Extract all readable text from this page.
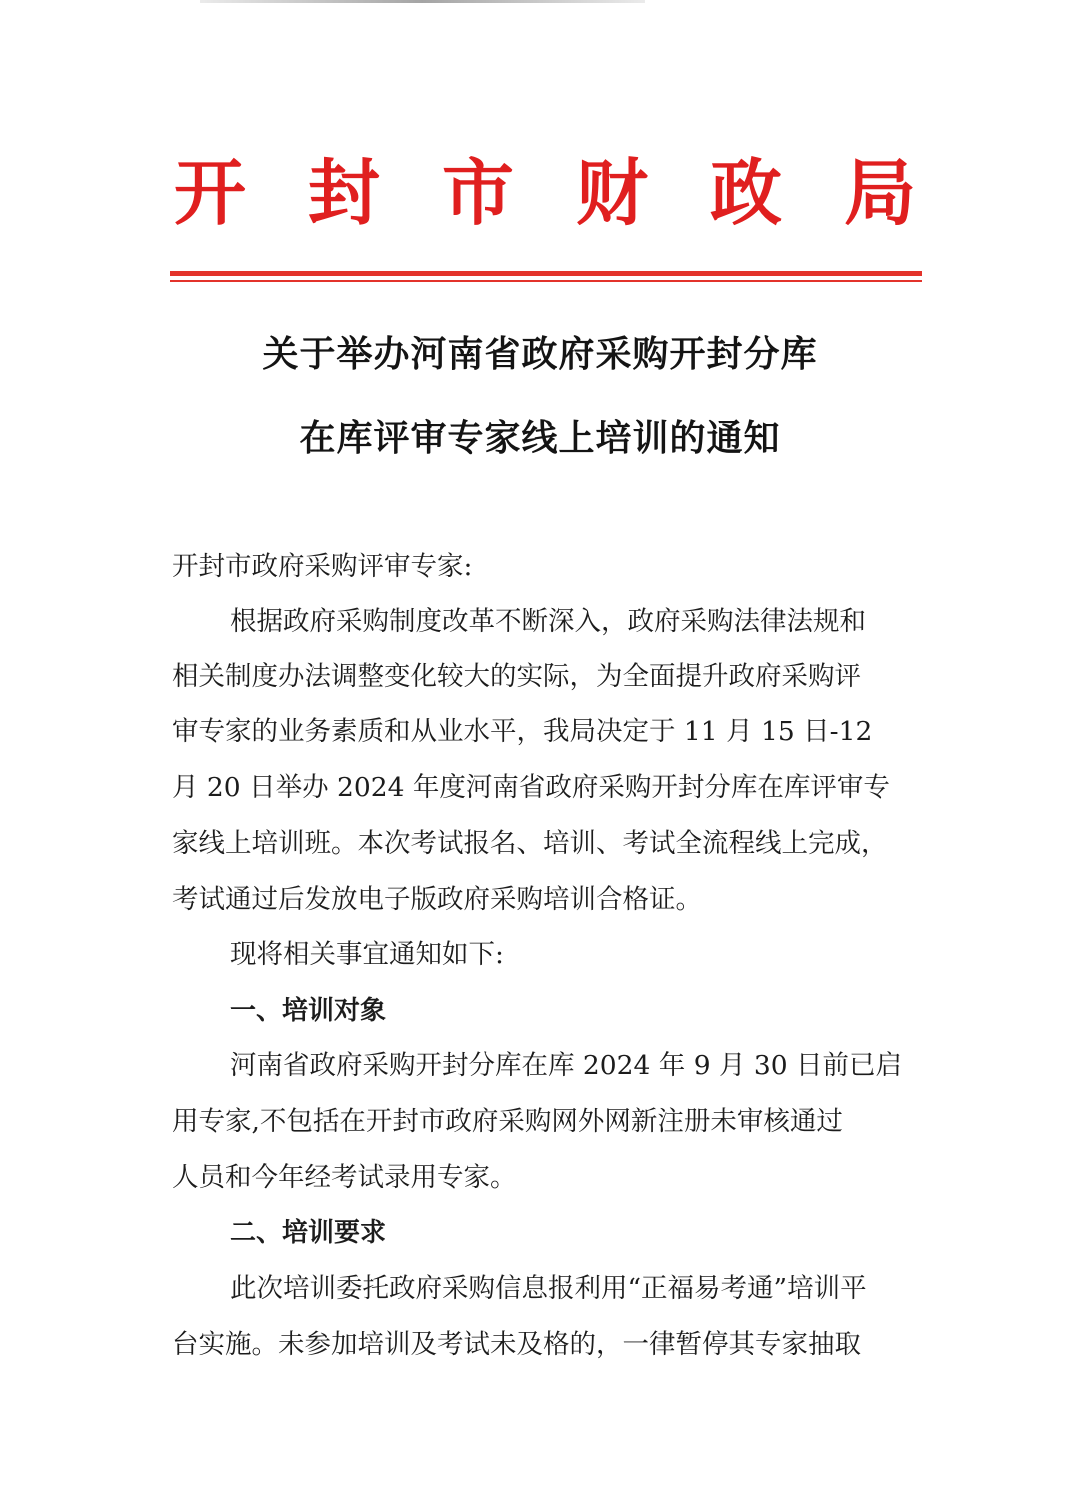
开 封 市 财 政 局
关于举办河南省政府采购开封分库
在库评审专家线上培训的通知
开封市政府采购评审专家:
根据政府采购制度改革不断深入，政府采购法律法规和
相关制度办法调整变化较大的实际，为全面提升政府采购评
审专家的业务素质和从业水平，我局决定于 11 月 15 日-12
月 20 日举办 2024 年度河南省政府采购开封分库在库评审专
家线上培训班。本次考试报名、培训、考试全流程线上完成，
考试通过后发放电子版政府采购培训合格证。
现将相关事宜通知如下:
一、培训对象
河南省政府采购开封分库在库 2024 年 9 月 30 日前已启
用专家,不包括在开封市政府采购网外网新注册未审核通过
人员和今年经考试录用专家。
二、培训要求
此次培训委托政府采购信息报利用“正福易考通”培训平
台实施。未参加培训及考试未及格的，一律暂停其专家抽取
